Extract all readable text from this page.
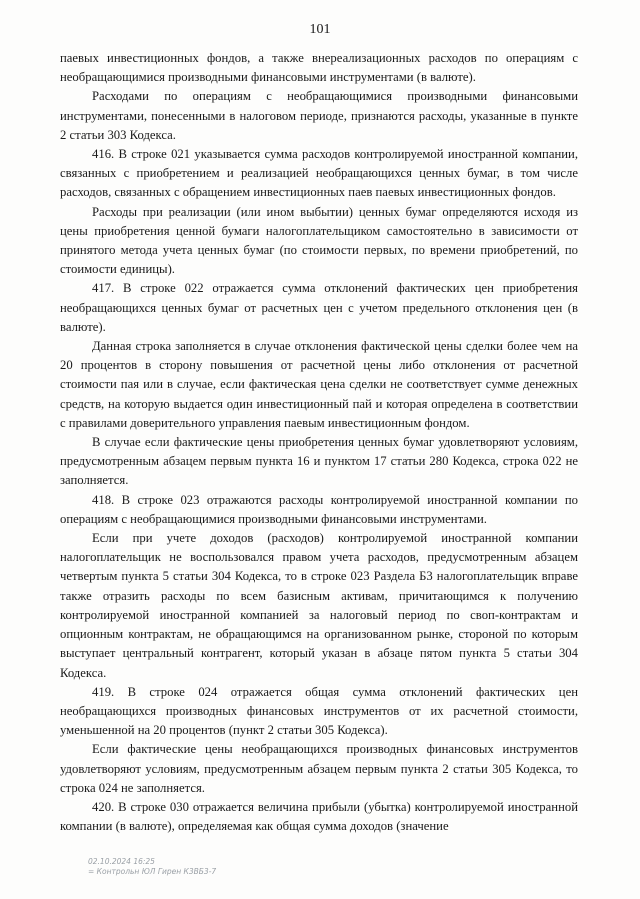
101

паевых инвестиционных фондов, а также внереализационных расходов по операциям с необращающимися производными финансовыми инструментами (в валюте).

Расходами по операциям с необращающимися производными финансовыми инструментами, понесенными в налоговом периоде, признаются расходы, указанные в пункте 2 статьи 303 Кодекса.

416. В строке 021 указывается сумма расходов контролируемой иностранной компании, связанных с приобретением и реализацией необращающихся ценных бумаг, в том числе расходов, связанных с обращением инвестиционных паев паевых инвестиционных фондов.

Расходы при реализации (или ином выбытии) ценных бумаг определяются исходя из цены приобретения ценной бумаги налогоплательщиком самостоятельно в зависимости от принятого метода учета ценных бумаг (по стоимости первых, по времени приобретений, по стоимости единицы).

417. В строке 022 отражается сумма отклонений фактических цен приобретения необращающихся ценных бумаг от расчетных цен с учетом предельного отклонения цен (в валюте).

Данная строка заполняется в случае отклонения фактической цены сделки более чем на 20 процентов в сторону повышения от расчетной цены либо отклонения от расчетной стоимости пая или в случае, если фактическая цена сделки не соответствует сумме денежных средств, на которую выдается один инвестиционный пай и которая определена в соответствии с правилами доверительного управления паевым инвестиционным фондом.

В случае если фактические цены приобретения ценных бумаг удовлетворяют условиям, предусмотренным абзацем первым пункта 16 и пунктом 17 статьи 280 Кодекса, строка 022 не заполняется.

418. В строке 023 отражаются расходы контролируемой иностранной компании по операциям с необращающимися производными финансовыми инструментами.

Если при учете доходов (расходов) контролируемой иностранной компании налогоплательщик не воспользовался правом учета расходов, предусмотренным абзацем четвертым пункта 5 статьи 304 Кодекса, то в строке 023 Раздела Б3 налогоплательщик вправе также отразить расходы по всем базисным активам, причитающимся к получению контролируемой иностранной компанией за налоговый период по своп-контрактам и опционным контрактам, не обращающимся на организованном рынке, стороной по которым выступает центральный контрагент, который указан в абзаце пятом пункта 5 статьи 304 Кодекса.

419. В строке 024 отражается общая сумма отклонений фактических цен необращающихся производных финансовых инструментов от их расчетной стоимости, уменьшенной на 20 процентов (пункт 2 статьи 305 Кодекса).

Если фактические цены необращающихся производных финансовых инструментов удовлетворяют условиям, предусмотренным абзацем первым пункта 2 статьи 305 Кодекса, то строка 024 не заполняется.

420. В строке 030 отражается величина прибыли (убытка) контролируемой иностранной компании (в валюте), определяемая как общая сумма доходов (значение

02.10.2024 16:25
= Контрольн ЮЛ Гирен К3ВБ3-7
